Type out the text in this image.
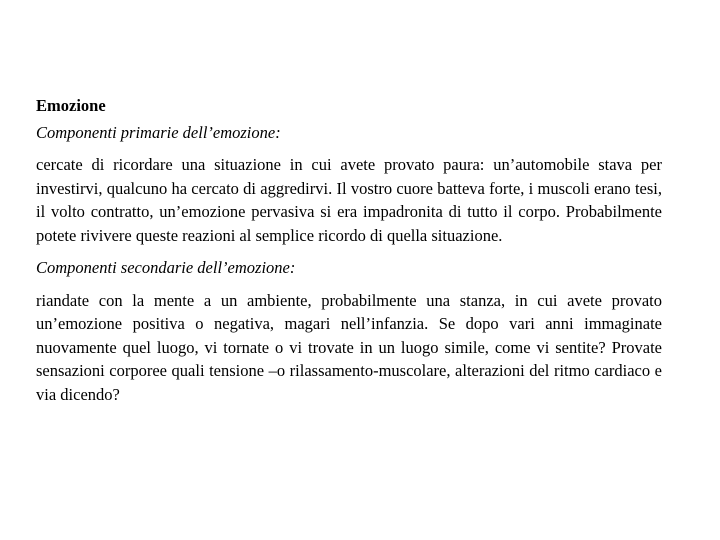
Emozione
Componenti primarie dell’emozione:
cercate di ricordare una situazione in cui avete provato paura: un’automobile stava per investirvi, qualcuno ha cercato di aggredirvi. Il vostro cuore batteva forte, i muscoli erano tesi, il volto contratto, un’emozione pervasiva si era impadronita di tutto il corpo. Probabilmente potete rivivere queste reazioni al semplice ricordo di quella situazione.
Componenti secondarie dell’emozione:
riandate con la mente a un ambiente, probabilmente una stanza, in cui avete provato un’emozione positiva o negativa, magari nell’infanzia. Se dopo vari anni immaginate nuovamente quel luogo, vi tornate o vi trovate in un luogo simile, come vi sentite? Provate sensazioni corporee quali tensione –o rilassamento-muscolare, alterazioni del ritmo cardiaco e via dicendo?
